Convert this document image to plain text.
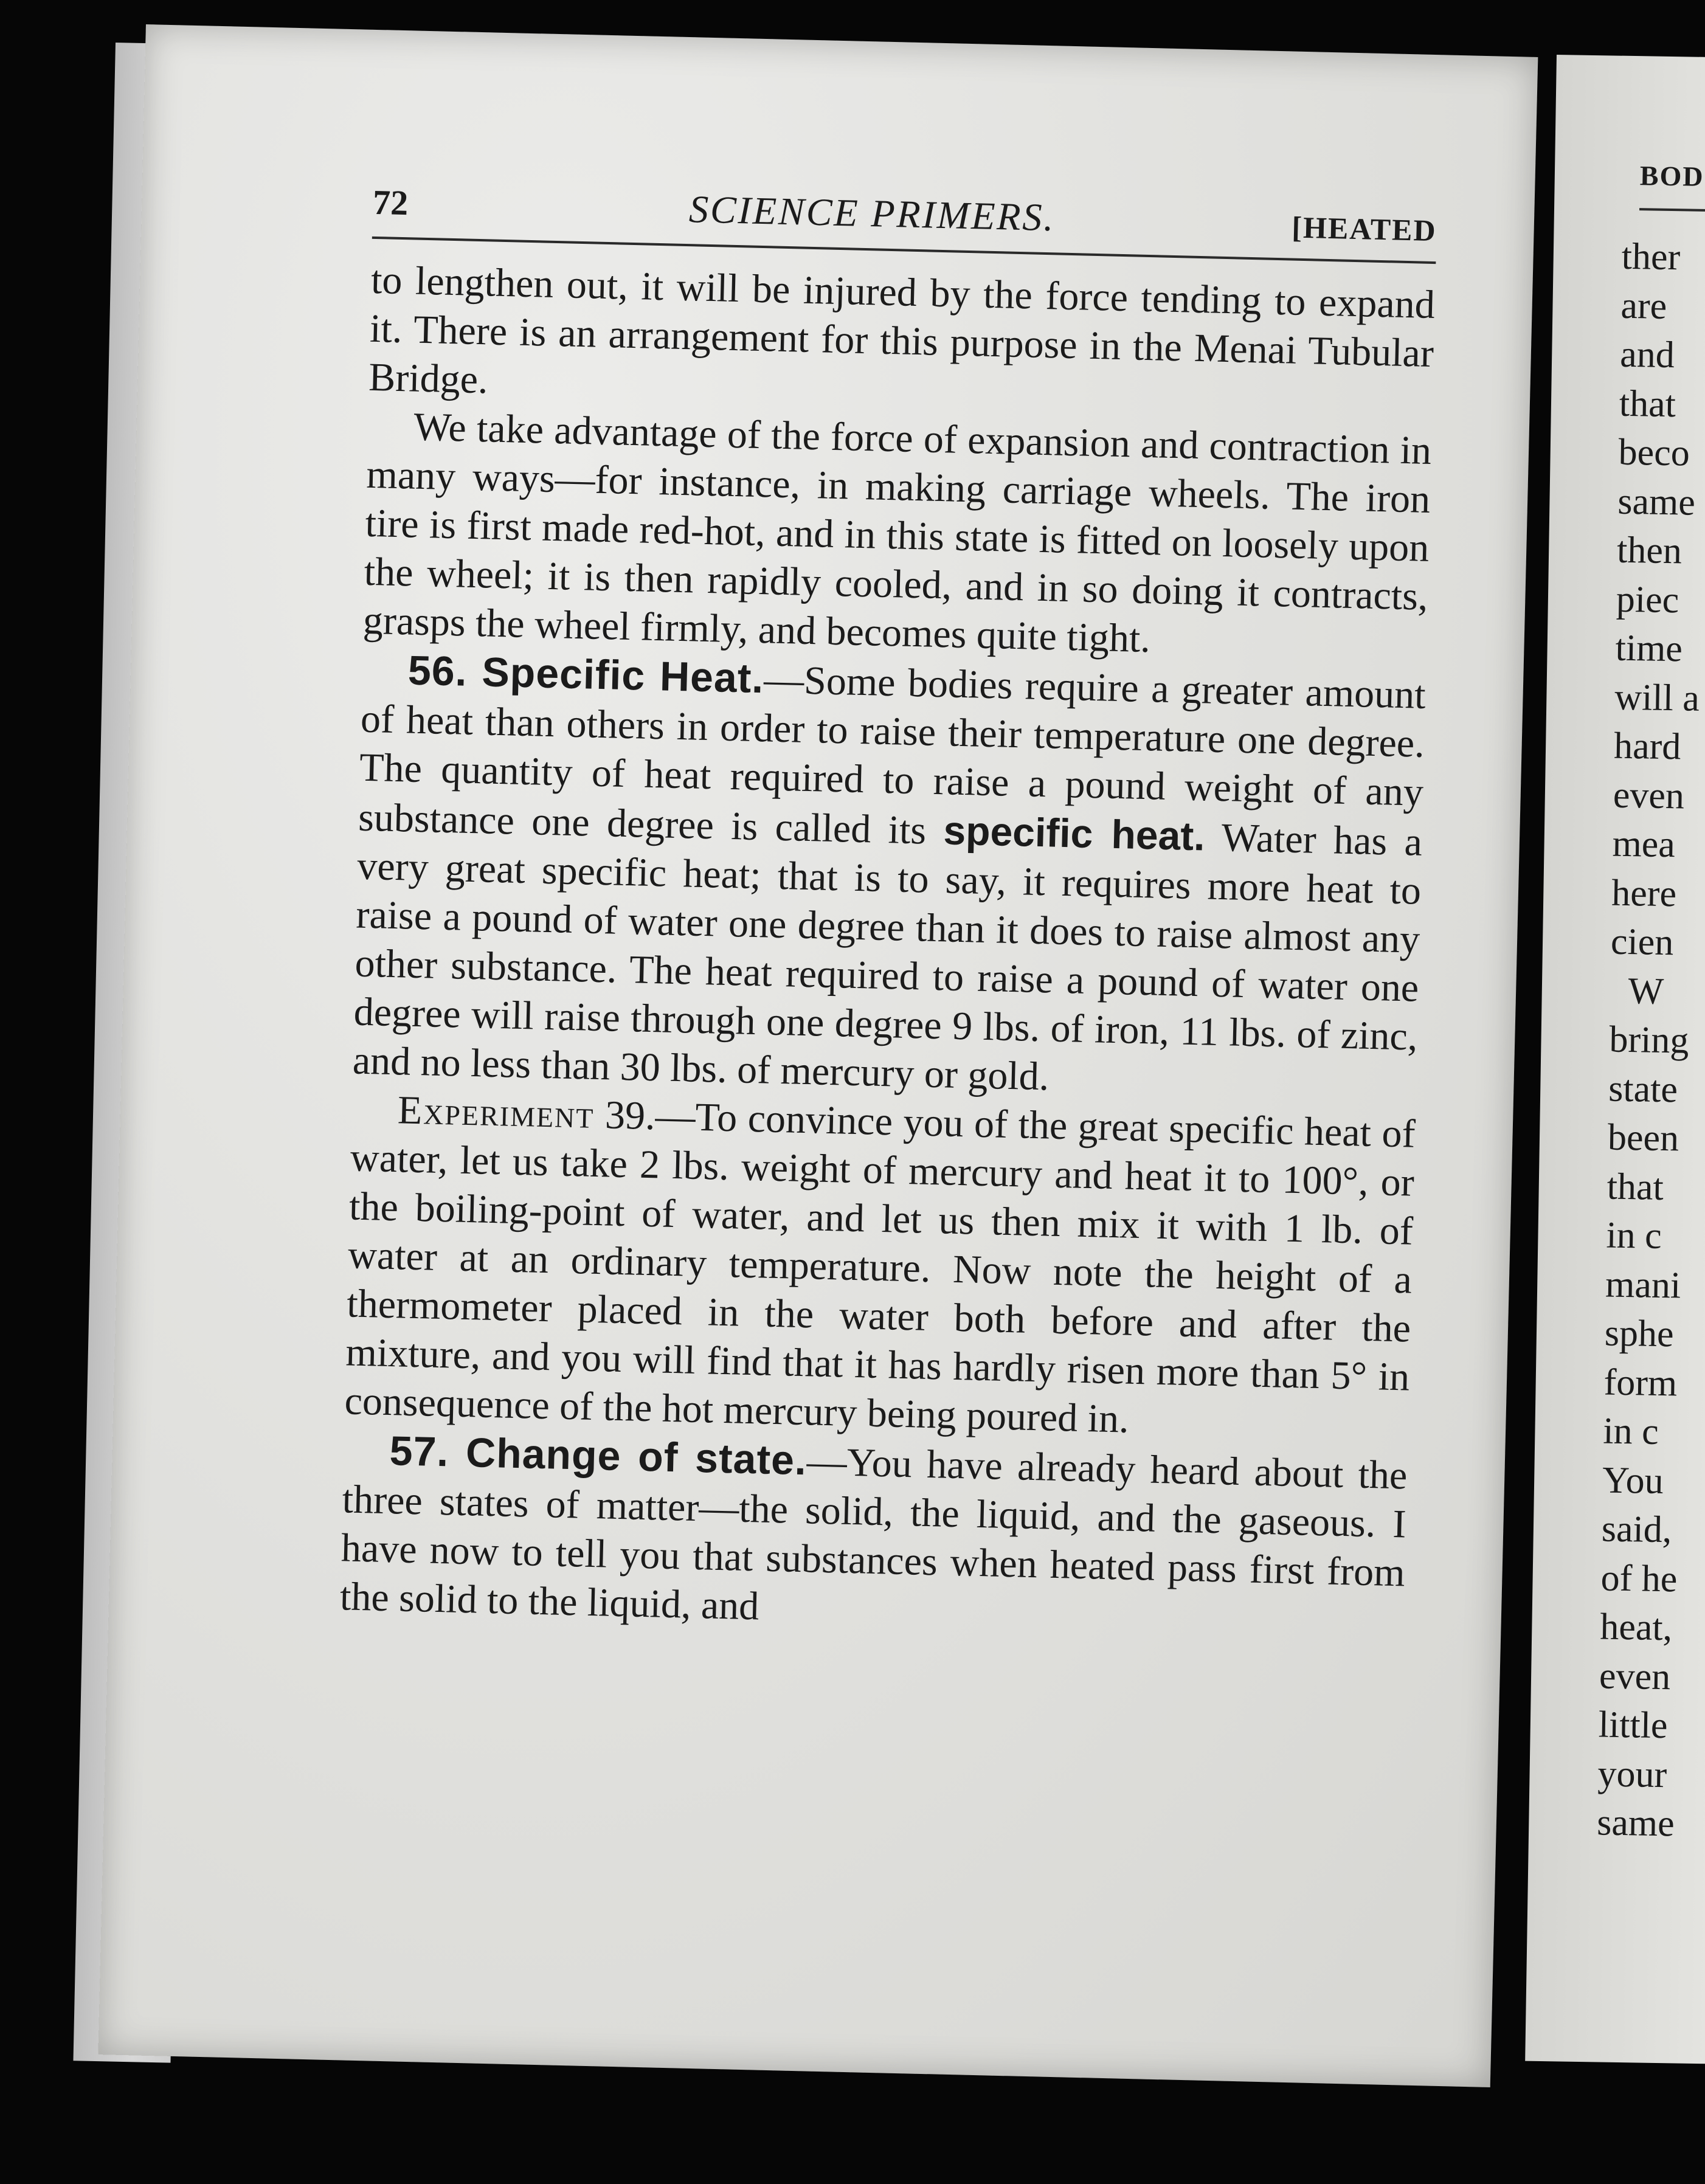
72	SCIENCE PRIMERS.	[HEATED

to lengthen out, it will be injured by the force tending to expand it. There is an arrangement for this purpose in the Menai Tubular Bridge.

We take advantage of the force of expansion and contraction in many ways—for instance, in making carriage wheels. The iron tire is first made red-hot, and in this state is fitted on loosely upon the wheel; it is then rapidly cooled, and in so doing it contracts, grasps the wheel firmly, and becomes quite tight.

56. Specific Heat.—Some bodies require a greater amount of heat than others in order to raise their temperature one degree. The quantity of heat required to raise a pound weight of any substance one degree is called its specific heat. Water has a very great specific heat; that is to say, it requires more heat to raise a pound of water one degree than it does to raise almost any other substance. The heat required to raise a pound of water one degree will raise through one degree 9 lbs. of iron, 11 lbs. of zinc, and no less than 30 lbs. of mercury or gold.

Experiment 39.—To convince you of the great specific heat of water, let us take 2 lbs. weight of mercury and heat it to 100°, or the boiling-point of water, and let us then mix it with 1 lb. of water at an ordinary temperature. Now note the height of a thermometer placed in the water both before and after the mixture, and you will find that it has hardly risen more than 5° in consequence of the hot mercury being poured in.

57. Change of state.—You have already heard about the three states of matter—the solid, the liquid, and the gaseous. I have now to tell you that substances when heated pass first from the solid to the liquid, and

BOD
ther
are
and
that
beco
same
then
piec
time
will a
hard
even
mea
here
cien
W
bring
state
been
that
in c
mani
sphe
form
in c
You
said,
of he
heat,
even
little
your
same
